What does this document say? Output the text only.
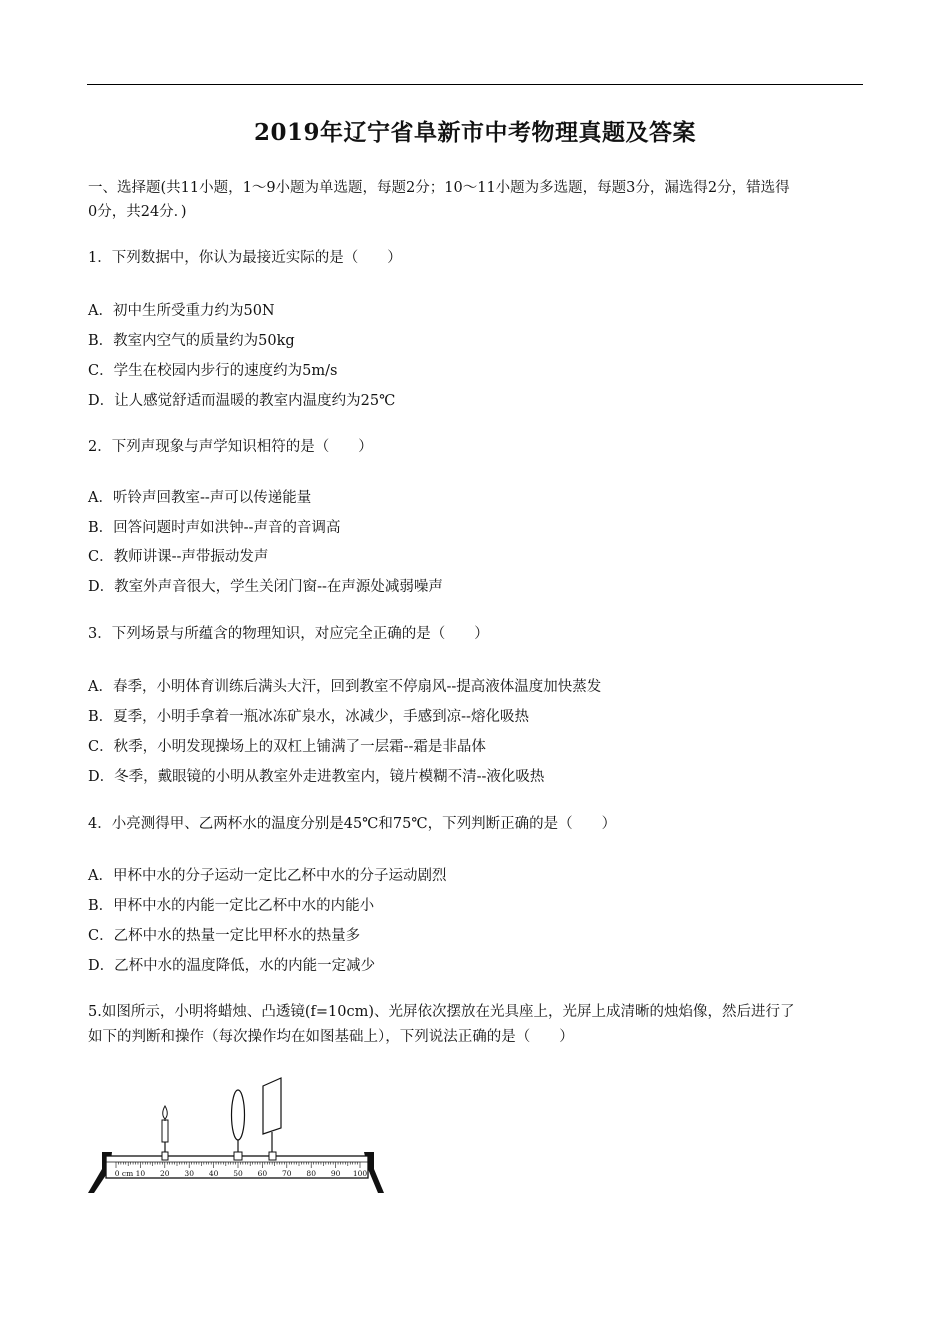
2019年辽宁省阜新市中考物理真题及答案
一、选择题(共11小题，1～9小题为单选题，每题2分；10～11小题为多选题，每题3分，漏选得2分，错选得
0分，共24分．)
1．下列数据中，你认为最接近实际的是（　　）
A．初中生所受重力约为50N
B．教室内空气的质量约为50kg
C．学生在校园内步行的速度约为5m/s
D．让人感觉舒适而温暖的教室内温度约为25℃
2．下列声现象与声学知识相符的是（　　）
A．听铃声回教室--声可以传递能量
B．回答问题时声如洪钟--声音的音调高
C．教师讲课--声带振动发声
D．教室外声音很大，学生关闭门窗--在声源处减弱噪声
3．下列场景与所蕴含的物理知识，对应完全正确的是（　　）
A．春季，小明体育训练后满头大汗，回到教室不停扇风--提高液体温度加快蒸发
B．夏季，小明手拿着一瓶冰冻矿泉水，冰减少，手感到凉--熔化吸热
C．秋季，小明发现操场上的双杠上铺满了一层霜--霜是非晶体
D．冬季，戴眼镜的小明从教室外走进教室内，镜片模糊不清--液化吸热
4．小亮测得甲、乙两杯水的温度分别是45℃和75℃，下列判断正确的是（　　）
A．甲杯中水的分子运动一定比乙杯中水的分子运动剧烈
B．甲杯中水的内能一定比乙杯中水的内能小
C．乙杯中水的热量一定比甲杯水的热量多
D．乙杯中水的温度降低，水的内能一定减少
5.如图所示，小明将蜡烛、凸透镜(f=10cm)、光屏依次摆放在光具座上，光屏上成清晰的烛焰像，然后进行了
如下的判断和操作（每次操作均在如图基础上），下列说法正确的是（　　）
0 cm 10 20 30 40 50 60 70 80 90 100
